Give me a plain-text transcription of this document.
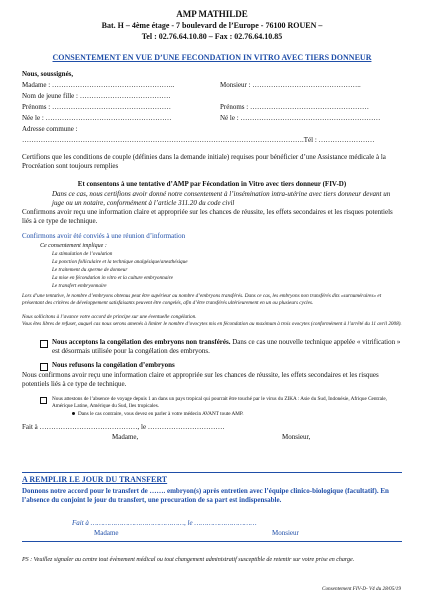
AMP MATHILDE
Bat. H – 4ème étage - 7 boulevard de l’Europe - 76100 ROUEN –
Tel : 02.76.64.10.80 – Fax : 02.76.64.10.85
CONSENTEMENT EN VUE D’UNE FECONDATION IN VITRO AVEC TIERS DONNEUR
Nous, soussignés,
Madame : ……………………………………………..	Monsieur : ………………………………………..
Nom de jeune fille : …………………………………
Prénoms : ……………………………………………	Prénoms : ……………………………………………
Née le : ………………………………………………	Né le : ……………………………………………………
Adresse commune :
………………………………………………………………………………………………………….Tél : ……………………
Certifions que les conditions de couple (définies dans la demande initiale) requises pour bénéficier d’une Assistance médicale à la Procréation sont toujours remplies
Et consentons à une tentative d’AMP par Fécondation in Vitro avec tiers donneur (FIV-D)
Dans ce cas, nous certifions avoir donné notre consentement à l’insémination intra-utérine avec tiers donneur devant un juge ou un notaire, conformément à l’article 311.20 du code civil
Confirmons avoir reçu une information claire et appropriée sur les chances de réussite, les effets secondaires et les risques potentiels liés à ce type de technique.
Confirmons avoir été conviés à une réunion d’information
Ce consentement implique :
La stimulation de l’ovulation
La ponction folliculaire et la technique analgésique/anesthésique
Le traitement du sperme de donneur
La mise en fécondation in vitro et la culture embryonnaire
Le transfert embryonnaire
Lors d’une tentative, le nombre d’embryons obtenus peut être supérieur au nombre d’embryons transférés. Dans ce cas, les embryons non transférés dits «surnuméraires» et présentant des critères de développement satisfaisants peuvent être congelés, afin d’être transférés ultérieurement en un ou plusieurs cycles.
Nous sollicitons à l’avance votre accord de principe sur une éventuelle congélation.
Vous êtes libres de refuser, auquel cas nous serons amenés à limiter le nombre d’ovocytes mis en fécondation au maximum à trois ovocytes (conformément à l’arrêté du 11 avril 2008).
Nous acceptons la congélation des embryons non transférés. Dans ce cas une nouvelle technique appelée « vitrification » est désormais utilisée pour la congélation des embryons.
Nous refusons la congélation d’embryons
Nous confirmons avoir reçu une information claire et appropriée sur les chances de réussite, les effets secondaires et les risques potentiels liés à ce type de technique.
Nous attestons de l’absence de voyage depuis 1 an dans un pays tropical qui pourrait être touché par le virus du ZIKA : Asie du Sud, Indonésie, Afrique Centrale, Amérique Latine, Amérique du Sud, Iles tropicales.
Dans le cas contraire, vous devez en parler à votre médecin AVANT toute AMP.
Fait à ……………………………………, le ……………………………
Madame,	Monsieur,
A REMPLIR LE JOUR DU TRANSFERT
Donnons notre accord pour le transfert de ……. embryon(s) après entretien avec l’équipe clinico-biologique (facultatif). En l’absence du conjoint le jour du transfert, une procuration de sa part est indispensable.
Fait à ………………………………………, le …………………………
Madame	Monsieur
PS : Veuillez signaler au centre tout évènement médical ou tout changement administratif susceptible de retentir sur votre prise en charge.
Consentement FIV-D- V4 du 28/05/19
